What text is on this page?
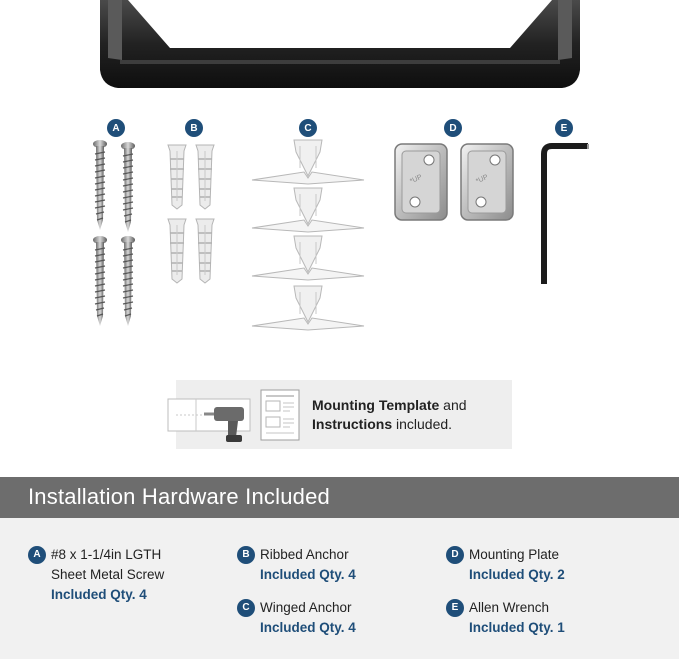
A	B	C	D	E
*UP	*UP
Mounting Template and
Instructions included.
Installation Hardware Included
A #8 x 1-1/4in LGTH
Sheet Metal Screw
Included Qty. 4
B Ribbed Anchor
Included Qty. 4
C Winged Anchor
Included Qty. 4
D Mounting Plate
Included Qty. 2
E Allen Wrench
Included Qty. 1
